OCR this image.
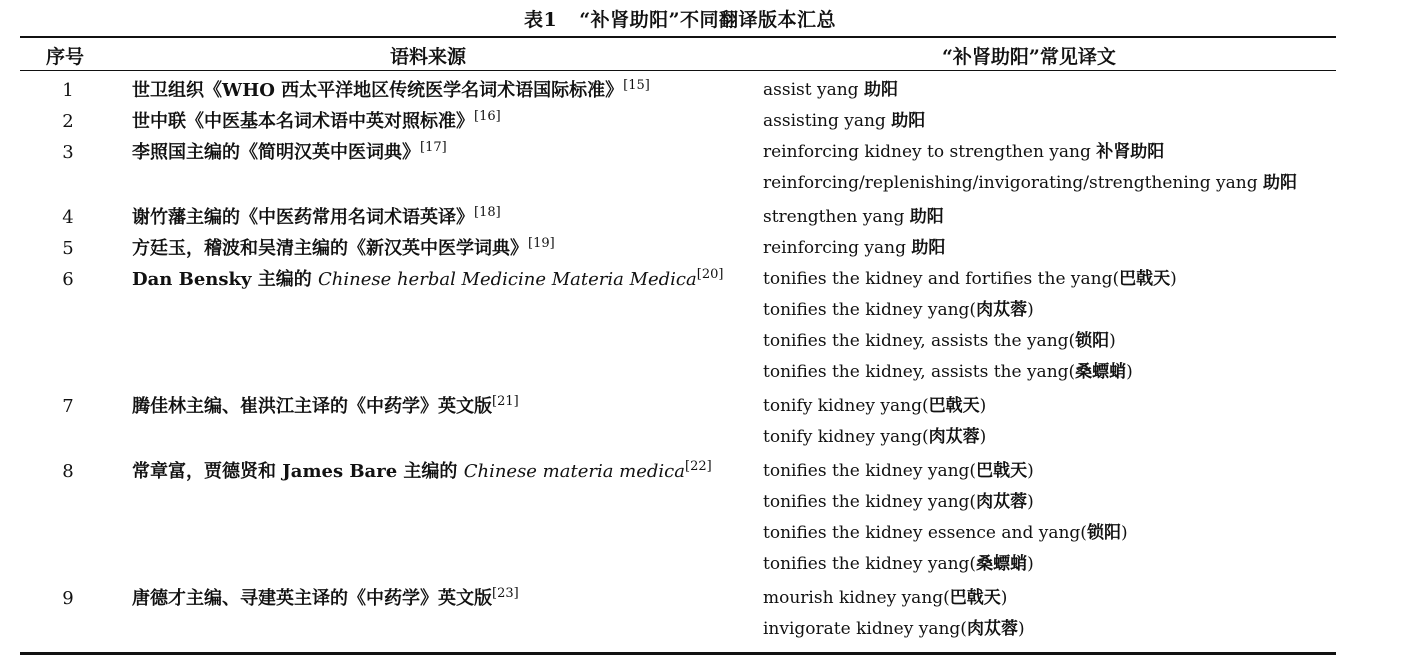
表1 “补肾助阳”不同翻译版本汇总
序号	语料来源	“补肾助阳”常见译文
1	世卫组织《WHO 西太平洋地区传统医学名词术语国际标准》[15]	assist yang 助阳
2	世中联《中医基本名词术语中英对照标准》[16]	assisting yang 助阳
3	李照国主编的《简明汉英中医词典》[17]	reinforcing kidney to strengthen yang 补肾助阳
reinforcing/replenishing/invigorating/strengthening yang 助阳
4	谢竹藩主编的《中医药常用名词术语英译》[18]	strengthen yang 助阳
5	方廷玉，稽波和吴清主编的《新汉英中医学词典》[19]	reinforcing yang 助阳
6	Dan Bensky 主编的 Chinese herbal Medicine Materia Medica[20]	tonifies the kidney and fortifies the yang(巴戟天)
tonifies the kidney yang(肉苁蓉)
tonifies the kidney, assists the yang(锁阳)
tonifies the kidney, assists the yang(桑螵蛸)
7	腾佳林主编、崔洪江主译的《中药学》英文版[21]	tonify kidney yang(巴戟天)
tonify kidney yang(肉苁蓉)
8	常章富，贾德贤和 James Bare 主编的 Chinese materia medica[22]	tonifies the kidney yang(巴戟天)
tonifies the kidney yang(肉苁蓉)
tonifies the kidney essence and yang(锁阳)
tonifies the kidney yang(桑螵蛸)
9	唐德才主编、寻建英主译的《中药学》英文版[23]	mourish kidney yang(巴戟天)
invigorate kidney yang(肉苁蓉)
